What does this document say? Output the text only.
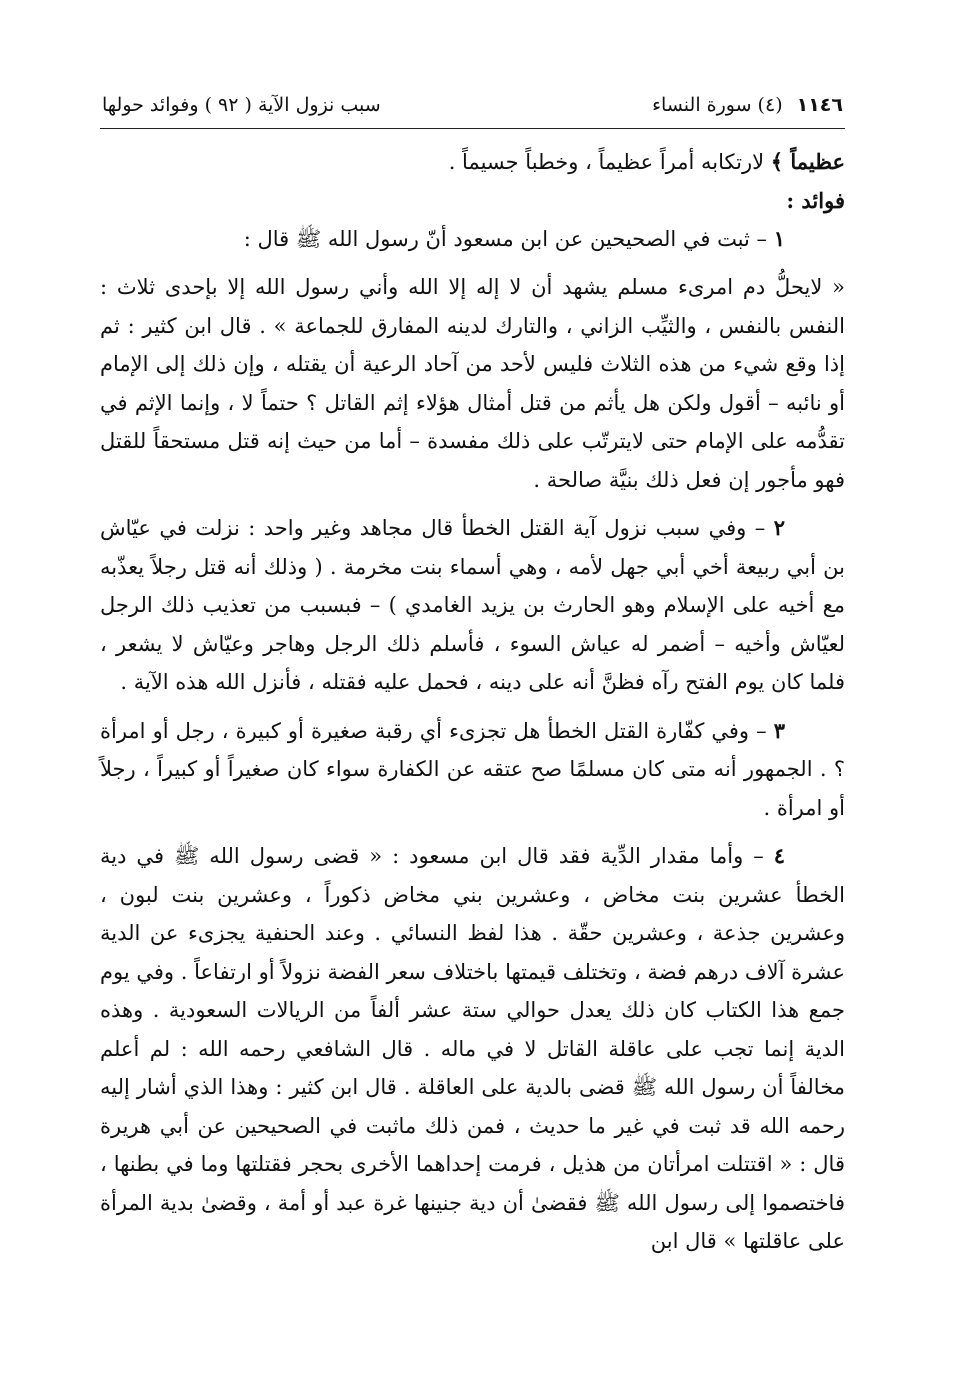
١١٤٦
(٤) سورة النساء
سبب نزول الآية ( ٩٢ ) وفوائد حولها

عظيماً ﴾ لارتكابه أمراً عظيماً ، وخطباً جسيماً .

فوائد :

١ – ثبت في الصحيحين عن ابن مسعود أنّ رسول الله ﷺ قال :

« لايحلُّ دم امرىء مسلم يشهد أن لا إله إلا الله وأني رسول الله إلا بإحدى ثلاث : النفس بالنفس ، والثيِّب الزاني ، والتارك لدينه المفارق للجماعة » . قال ابن كثير : ثم إذا وقع شيء من هذه الثلاث فليس لأحد من آحاد الرعية أن يقتله ، وإن ذلك إلى الإمام أو نائبه – أقول ولكن هل يأثم من قتل أمثال هؤلاء إثم القاتل ؟ حتماً لا ، وإنما الإثم في تقدُّمه على الإمام حتى لايترتّب على ذلك مفسدة – أما من حيث إنه قتل مستحقاً للقتل فهو مأجور إن فعل ذلك بنيَّة صالحة .

٢ – وفي سبب نزول آية القتل الخطأ قال مجاهد وغير واحد : نزلت في عيّاش بن أبي ربيعة أخي أبي جهل لأمه ، وهي أسماء بنت مخرمة . ( وذلك أنه قتل رجلاً يعذّبه مع أخيه على الإسلام وهو الحارث بن يزيد الغامدي ) – فبسبب من تعذيب ذلك الرجل لعيّاش وأخيه – أضمر له عياش السوء ، فأسلم ذلك الرجل وهاجر وعيّاش لا يشعر ، فلما كان يوم الفتح رآه فظنَّ أنه على دينه ، فحمل عليه فقتله ، فأنزل الله هذه الآية .

٣ – وفي كفّارة القتل الخطأ هل تجزىء أي رقبة صغيرة أو كبيرة ، رجل أو امرأة ؟ . الجمهور أنه متى كان مسلمًا صح عتقه عن الكفارة سواء كان صغيراً أو كبيراً ، رجلاً أو امرأة .

٤ – وأما مقدار الدِّية فقد قال ابن مسعود : « قضى رسول الله ﷺ في دية الخطأ عشرين بنت مخاض ، وعشرين بني مخاض ذكوراً ، وعشرين بنت لبون ، وعشرين جذعة ، وعشرين حقّة . هذا لفظ النسائي . وعند الحنفية يجزىء عن الدية عشرة آلاف درهم فضة ، وتختلف قيمتها باختلاف سعر الفضة نزولاً أو ارتفاعاً . وفي يوم جمع هذا الكتاب كان ذلك يعدل حوالي ستة عشر ألفاً من الريالات السعودية . وهذه الدية إنما تجب على عاقلة القاتل لا في ماله . قال الشافعي رحمه الله : لم أعلم مخالفاً أن رسول الله ﷺ قضى بالدية على العاقلة . قال ابن كثير : وهذا الذي أشار إليه رحمه الله قد ثبت في غير ما حديث ، فمن ذلك ماثبت في الصحيحين عن أبي هريرة قال : « اقتتلت امرأتان من هذيل ، فرمت إحداهما الأخرى بحجر فقتلتها وما في بطنها ، فاختصموا إلى رسول الله ﷺ فقضىٰ أن دية جنينها غرة عبد أو أمة ، وقضىٰ بدية المرأة على عاقلتها » قال ابن
